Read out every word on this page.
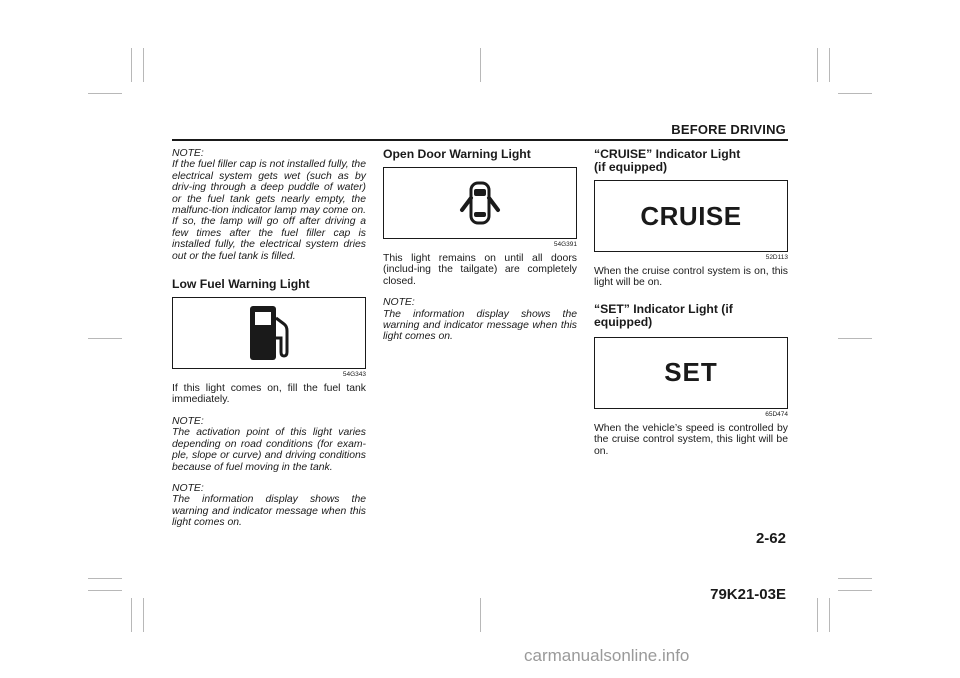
BEFORE DRIVING

NOTE:
If the fuel filler cap is not installed fully, the electrical system gets wet (such as by driv-ing through a deep puddle of water) or the fuel tank gets nearly empty, the malfunc-tion indicator lamp may come on. If so, the lamp will go off after driving a few times after the fuel filler cap is installed fully, the electrical system dries out or the fuel tank is filled.

Low Fuel Warning Light
54G343

If this light comes on, fill the fuel tank immediately.

NOTE:
The activation point of this light varies depending on road conditions (for exam-ple, slope or curve) and driving conditions because of fuel moving in the tank.

NOTE:
The information display shows the warning and indicator message when this light comes on.

Open Door Warning Light
54G391

This light remains on until all doors (includ-ing the tailgate) are completely closed.

NOTE:
The information display shows the warning and indicator message when this light comes on.

“CRUISE” Indicator Light
(if equipped)
CRUISE
52D113

When the cruise control system is on, this light will be on.

“SET” Indicator Light (if equipped)
SET
65D474

When the vehicle’s speed is controlled by the cruise control system, this light will be on.

2-62
79K21-03E
carmanualsonline.info
